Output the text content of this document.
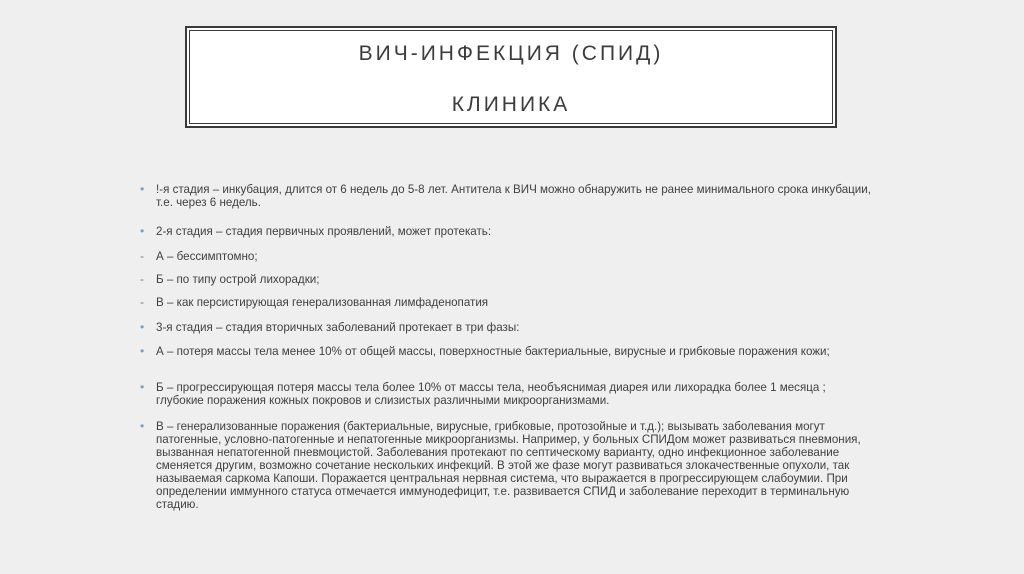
ВИЧ-ИНФЕКЦИЯ (СПИД)
КЛИНИКА
• !-я стадия – инкубация, длится от 6 недель до 5-8 лет. Антитела к ВИЧ можно обнаружить не ранее минимального срока инкубации, т.е. через 6 недель.
• 2-я стадия – стадия первичных проявлений, может протекать:
- А – бессимптомно;
- Б – по типу острой лихорадки;
- В – как персистирующая генерализованная лимфаденопатия
• 3-я стадия – стадия вторичных заболеваний протекает в три фазы:
• А – потеря массы тела менее 10% от общей массы, поверхностные бактериальные, вирусные и грибковые поражения кожи;
• Б – прогрессирующая потеря массы тела более 10% от массы тела, необъяснимая диарея или лихорадка более 1 месяца ; глубокие поражения кожных покровов и слизистых различными микроорганизмами.
• В – генерализованные поражения (бактериальные, вирусные, грибковые, протозойные и т.д.); вызывать заболевания могут патогенные, условно-патогенные и непатогенные микроорганизмы. Например, у больных СПИДом может развиваться пневмония, вызванная непатогенной пневмоцистой. Заболевания протекают по септическому варианту, одно инфекционное заболевание сменяется другим, возможно сочетание нескольких инфекций. В этой же фазе могут развиваться злокачественные опухоли, так называемая саркома Капоши. Поражается центральная нервная система, что выражается в прогрессирующем слабоумии. При определении иммунного статуса отмечается иммунодефицит, т.е. развивается СПИД и заболевание переходит в терминальную стадию.
